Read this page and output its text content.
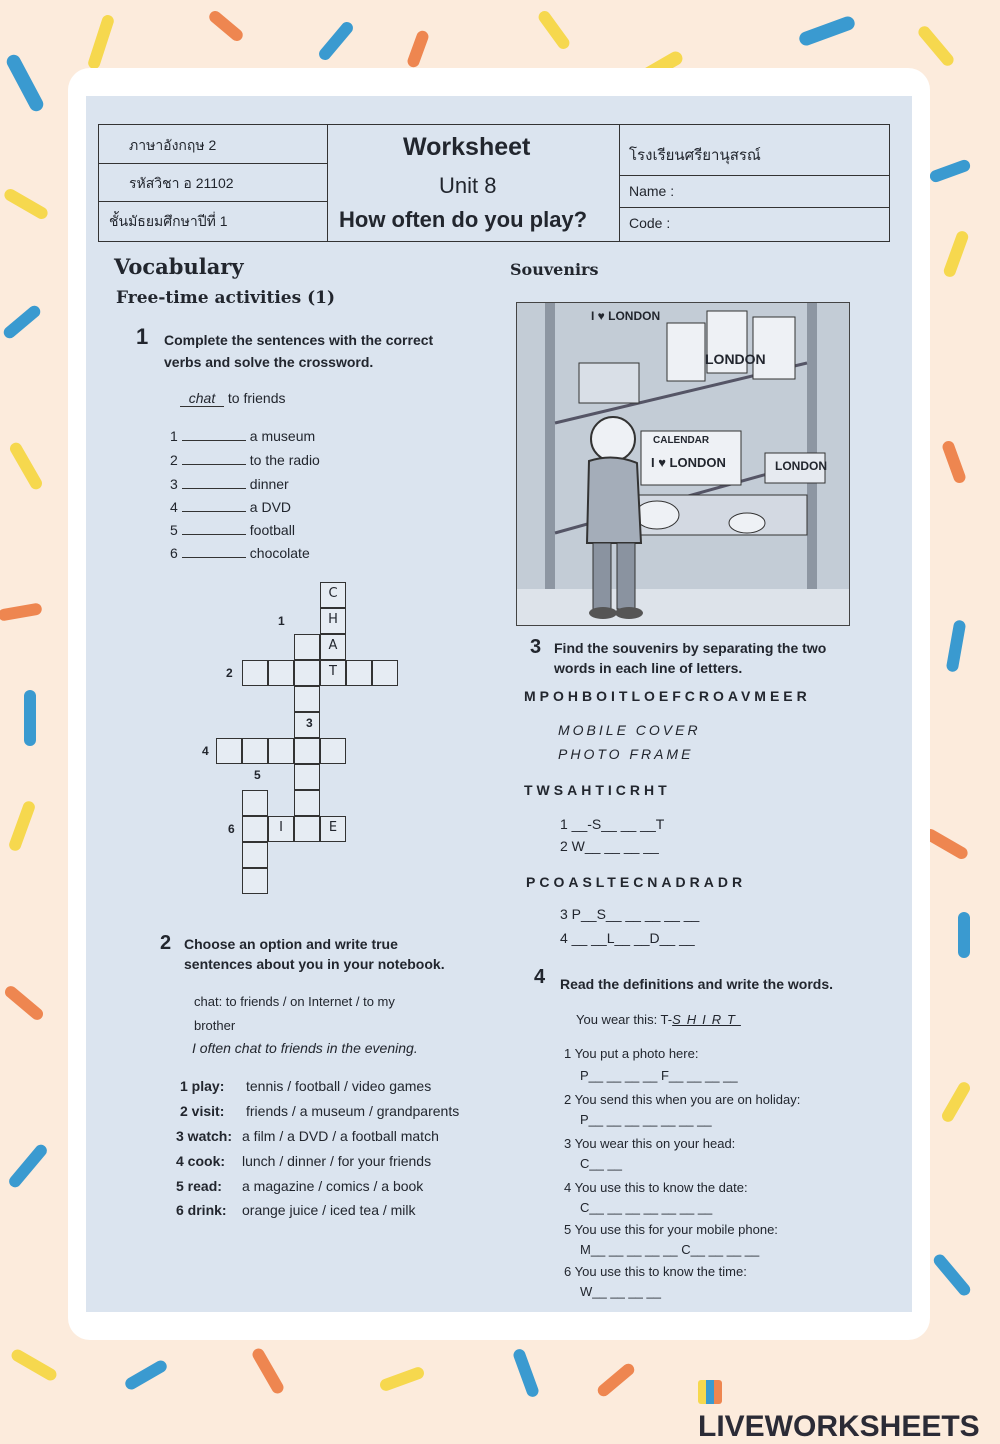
ภาษาอังกฤษ 2
รหัสวิชา อ 21102
ชั้นมัธยมศึกษาปีที่ 1
Worksheet
Unit 8
How often do you play?
โรงเรียนศรียานุสรณ์
Name :
Code :
Vocabulary
Free-time activities (1)
1 Complete the sentences with the correct
verbs and solve the crossword.
chat to friends
1	a museum
2	to the radio
3	dinner
4	a DVD
5	football
6	chocolate
C
H
A
T
I	E
1
2
3
4
5
6
2 Choose an option and write true
sentences about you in your notebook.
chat: to friends / on Internet / to my
brother
I often chat to friends in the evening.
1 play: tennis / football / video games
2 visit: friends / a museum / grandparents
3 watch: a film / a DVD / a football match
4 cook: lunch / dinner / for your friends
5 read: a magazine / comics / a book
6 drink: orange juice / iced tea / milk
Souvenirs
I ♥ LONDON
CALENDAR
I ♥ LONDON	LONDON
LONDON
3 Find the souvenirs by separating the two
words in each line of letters.
MPOHBOITLOEFCROAVMEER
MOBILE COVER
PHOTO FRAME
TWSAHTICRHT
1 __-S__ __ __T
2 W__ __ __ __
PCOASLTECNADRADR
3 P__S__ __ __ __ __
4 __ __L__ __D__ __
4 Read the definitions and write the words.
You wear this: T-SHIRT
1 You put a photo here:
P__ __ __ __ F__ __ __ __
2 You send this when you are on holiday:
P__ __ __ __ __ __ __
3 You wear this on your head:
C__ __
4 You use this to know the date:
C__ __ __ __ __ __ __
5 You use this for your mobile phone:
M__ __ __ __ __ C__ __ __ __
6 You use this to know the time:
W__ __ __ __
LIVEWORKSHEETS
